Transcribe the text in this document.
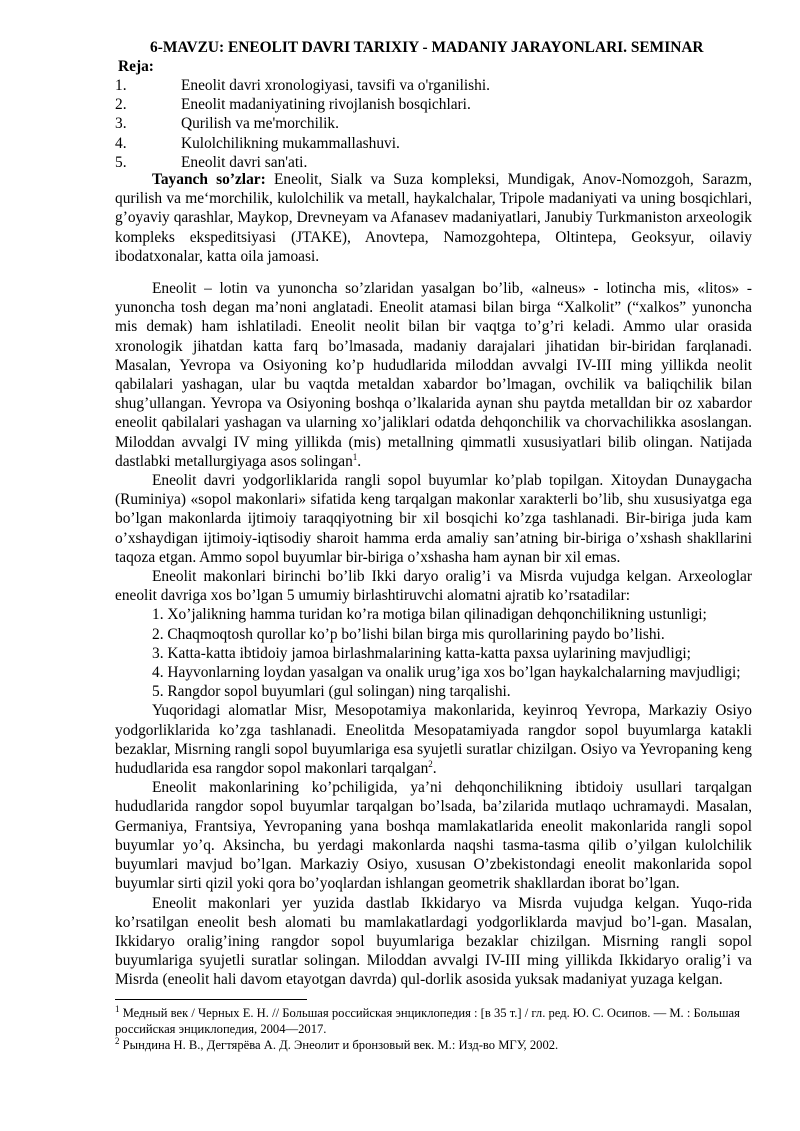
6-MAVZU: ENEOLIT DAVRI TARIXIY - MADANIY JARAYONLARI. SEMINAR
Reja:
1.	Eneolit davri xronologiyasi, tavsifi va o'rganilishi.
2.	Eneolit madaniyatining rivojlanish bosqichlari.
3.	Qurilish va me'morchilik.
4.	Kulolchilikning mukammallashuvi.
5.	Eneolit davri san'ati.

Tayanch so’zlar: Eneolit, Sialk va Suza kompleksi, Mundigak, Anov-Nomozgoh, Sarazm, qurilish va me‘morchilik, kulolchilik va metall, haykalchalar, Tripole madaniyati va uning bosqichlari, g’oyaviy qarashlar, Maykop, Drevneyam va Afanasev madaniyatlari, Janubiy Turkmaniston arxeologik kompleks ekspeditsiyasi (JTAKE), Anovtepa, Namozgohtepa, Oltintepa, Geoksyur, oilaviy ibodatxonalar, katta oila jamoasi.

Eneolit – lotin va yunoncha so’zlaridan yasalgan bo’lib, «alneus» - lotincha mis, «litos» - yunoncha tosh degan ma’noni anglatadi. Eneolit atamasi bilan birga “Xalkolit” (“xalkos” yunoncha mis demak) ham ishlatiladi. Eneolit neolit bilan bir vaqtga to’g’ri keladi. Ammo ular orasida xronologik jihatdan katta farq bo’lmasada, madaniy darajalari jihatidan bir-biridan farqlanadi. Masalan, Yevropa va Osiyoning ko’p hududlarida miloddan avvalgi IV-III ming yillikda neolit qabilalari yashagan, ular bu vaqtda metaldan xabardor bo’lmagan, ovchilik va baliqchilik bilan shug’ullangan. Yevropa va Osiyoning boshqa o’lkalarida aynan shu paytda metalldan bir oz xabardor eneolit qabilalari yashagan va ularning xo’jaliklari odatda dehqonchilik va chorvachilikka asoslangan. Miloddan avvalgi IV ming yillikda (mis) metallning qimmatli xususiyatlari bilib olingan. Natijada dastlabki metallurgiyaga asos solingan$^1$.

Eneolit davri yodgorliklarida rangli sopol buyumlar ko’plab topilgan. Xitoydan Dunaygacha (Ruminiya) «sopol makonlari» sifatida keng tarqalgan makonlar xarakterli bo’lib, shu xususiyatga ega bo’lgan makonlarda ijtimoiy taraqqiyotning bir xil bosqichi ko’zga tashlanadi. Bir-biriga juda kam o’xshaydigan ijtimoiy-iqtisodiy sharoit hamma erda amaliy san’atning bir-biriga o’xshash shakllarini taqoza etgan. Ammo sopol buyumlar bir-biriga o’xshasha ham aynan bir xil emas.

Eneolit makonlari birinchi bo’lib Ikki daryo oralig’i va Misrda vujudga kelgan. Arxeologlar eneolit davriga xos bo’lgan 5 umumiy birlashtiruvchi alomatni ajratib ko’rsatadilar:

1. Xo’jalikning hamma turidan ko’ra motiga bilan qilinadigan dehqonchilikning ustunligi;

2. Chaqmoqtosh qurollar ko’p bo’lishi bilan birga mis qurollarining paydo bo’lishi.

3. Katta-katta ibtidoiy jamoa birlashmalarining katta-katta paxsa uylarining mavjudligi;

4. Hayvonlarning loydan yasalgan va onalik urug’iga xos bo’lgan haykalchalarning mavjudligi;

5. Rangdor sopol buyumlari (gul solingan) ning tarqalishi.

Yuqoridagi alomatlar Misr, Mesopotamiya makonlarida, keyinroq Yevropa, Markaziy Osiyo yodgorliklarida ko’zga tashlanadi. Eneolitda Mesopatamiyada rangdor sopol buyumlarga katakli bezaklar, Misrning rangli sopol buyumlariga esa syujetli suratlar chizilgan. Osiyo va Yevropaning keng hududlarida esa rangdor sopol makonlari tarqalgan$^2$.

Eneolit makonlarining ko’pchiligida, ya’ni dehqonchilikning ibtidoiy usullari tarqalgan hududlarida rangdor sopol buyumlar tarqalgan bo’lsada, ba’zilarida mutlaqo uchramaydi. Masalan, Germaniya, Frantsiya, Yevropaning yana boshqa mamlakatlarida eneolit makonlarida rangli sopol buyumlar yo’q. Aksincha, bu yerdagi makonlarda naqshi tasma-tasma qilib o’yilgan kulolchilik buyumlari mavjud bo’lgan. Markaziy Osiyo, xususan O’zbekistondagi eneolit makonlarida sopol buyumlar sirti qizil yoki qora bo’yoqlardan ishlangan geometrik shakllardan iborat bo’lgan.

Eneolit makonlari yer yuzida dastlab Ikkidaryo va Misrda vujudga kelgan. Yuqo-rida ko’rsatilgan eneolit besh alomati bu mamlakatlardagi yodgorliklarda mavjud bo’l-gan. Masalan, Ikkidaryo oralig’ining rangdor sopol buyumlariga bezaklar chizilgan. Misrning rangli sopol buyumlariga syujetli suratlar solingan. Miloddan avvalgi IV-III ming yillikda Ikkidaryo oralig’i va Misrda (eneolit hali davom etayotgan davrda) qul-dorlik asosida yuksak madaniyat yuzaga kelgan.

$^1$ Медный век / Черных Е. Н. // Большая российская энциклопедия : [в 35 т.] / гл. ред. Ю. С. Осипов. — М. : Большая российская энциклопедия, 2004—2017.

$^2$ Рындина Н. В., Дегтярёва А. Д. Энеолит и бронзовый век. М.: Изд-во МГУ, 2002.
